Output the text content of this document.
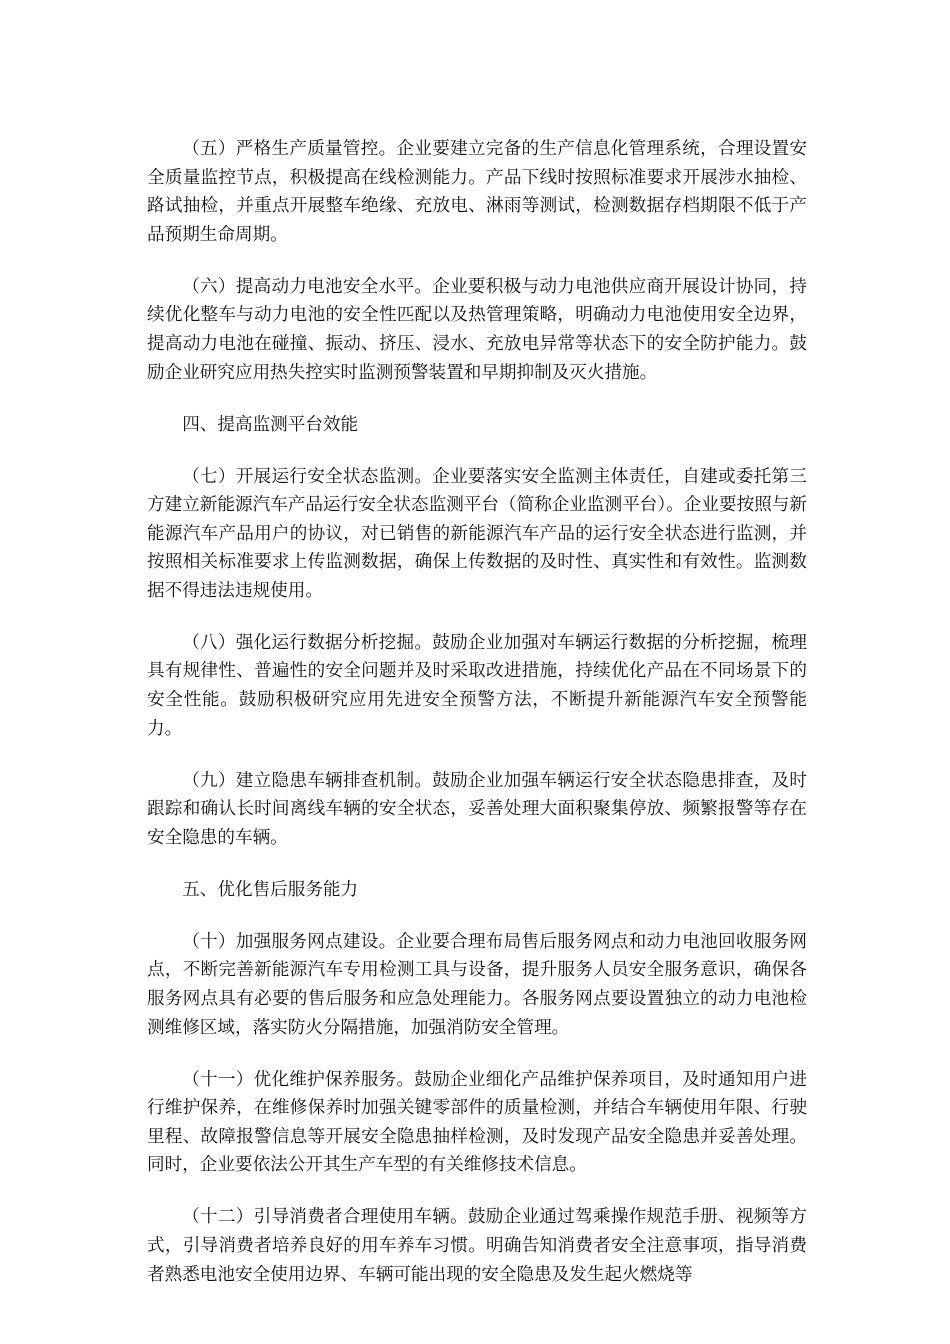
（五）严格生产质量管控。企业要建立完备的生产信息化管理系统，合理设置安全质量监控节点，积极提高在线检测能力。产品下线时按照标准要求开展涉水抽检、路试抽检，并重点开展整车绝缘、充放电、淋雨等测试，检测数据存档期限不低于产品预期生命周期。

（六）提高动力电池安全水平。企业要积极与动力电池供应商开展设计协同，持续优化整车与动力电池的安全性匹配以及热管理策略，明确动力电池使用安全边界，提高动力电池在碰撞、振动、挤压、浸水、充放电异常等状态下的安全防护能力。鼓励企业研究应用热失控实时监测预警装置和早期抑制及灭火措施。

四、提高监测平台效能

（七）开展运行安全状态监测。企业要落实安全监测主体责任，自建或委托第三方建立新能源汽车产品运行安全状态监测平台（简称企业监测平台）。企业要按照与新能源汽车产品用户的协议，对已销售的新能源汽车产品的运行安全状态进行监测，并按照相关标准要求上传监测数据，确保上传数据的及时性、真实性和有效性。监测数据不得违法违规使用。

（八）强化运行数据分析挖掘。鼓励企业加强对车辆运行数据的分析挖掘，梳理具有规律性、普遍性的安全问题并及时采取改进措施，持续优化产品在不同场景下的安全性能。鼓励积极研究应用先进安全预警方法，不断提升新能源汽车安全预警能力。

（九）建立隐患车辆排查机制。鼓励企业加强车辆运行安全状态隐患排查，及时跟踪和确认长时间离线车辆的安全状态，妥善处理大面积聚集停放、频繁报警等存在安全隐患的车辆。

五、优化售后服务能力

（十）加强服务网点建设。企业要合理布局售后服务网点和动力电池回收服务网点，不断完善新能源汽车专用检测工具与设备，提升服务人员安全服务意识，确保各服务网点具有必要的售后服务和应急处理能力。各服务网点要设置独立的动力电池检测维修区域，落实防火分隔措施，加强消防安全管理。

（十一）优化维护保养服务。鼓励企业细化产品维护保养项目，及时通知用户进行维护保养，在维修保养时加强关键零部件的质量检测，并结合车辆使用年限、行驶里程、故障报警信息等开展安全隐患抽样检测，及时发现产品安全隐患并妥善处理。同时，企业要依法公开其生产车型的有关维修技术信息。

（十二）引导消费者合理使用车辆。鼓励企业通过驾乘操作规范手册、视频等方式，引导消费者培养良好的用车养车习惯。明确告知消费者安全注意事项，指导消费者熟悉电池安全使用边界、车辆可能出现的安全隐患及发生起火燃烧等
